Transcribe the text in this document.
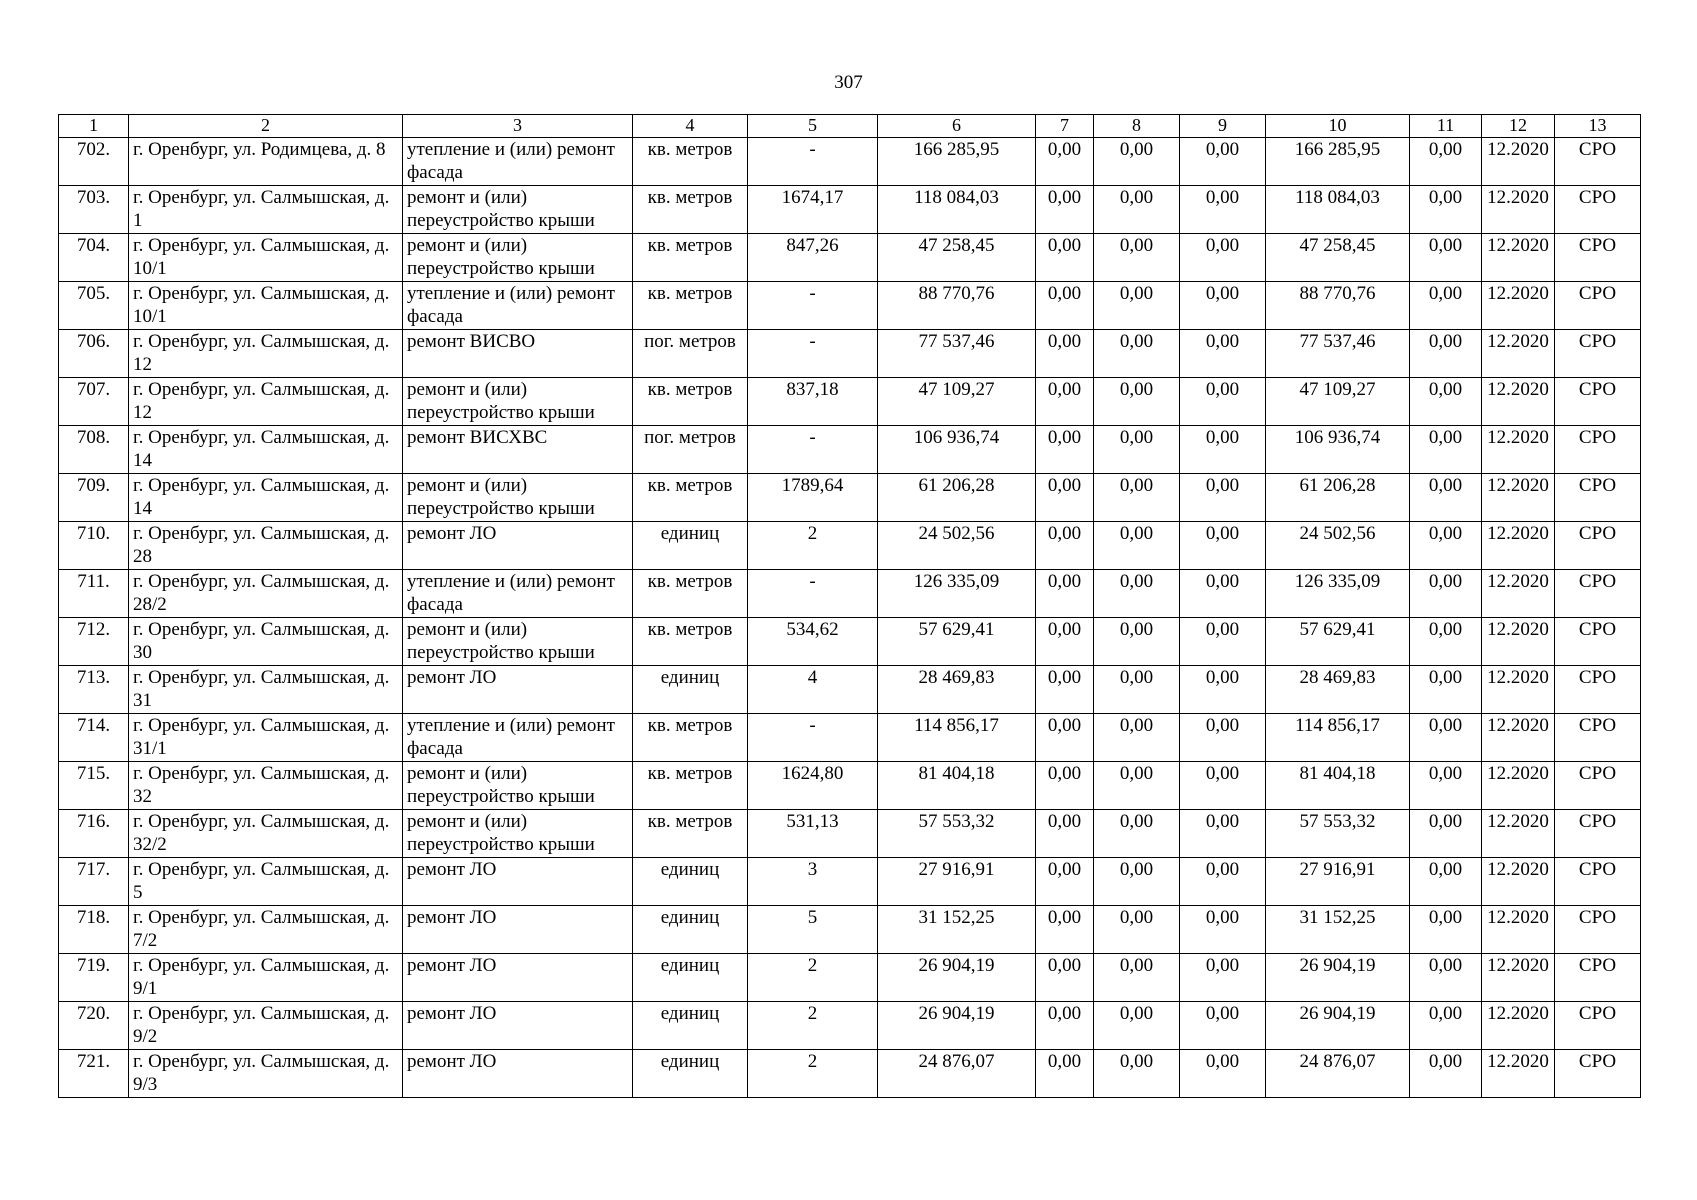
307
1	2	3	4	5	6	7	8	9	10	11	12	13
702.	г. Оренбург, ул. Родимцева, д. 8	утепление и (или) ремонт фасада	кв. метров	-	166 285,95	0,00	0,00	0,00	166 285,95	0,00	12.2020	СРО
703.	г. Оренбург, ул. Салмышская, д. 1	ремонт и (или) переустройство крыши	кв. метров	1674,17	118 084,03	0,00	0,00	0,00	118 084,03	0,00	12.2020	СРО
704.	г. Оренбург, ул. Салмышская, д. 10/1	ремонт и (или) переустройство крыши	кв. метров	847,26	47 258,45	0,00	0,00	0,00	47 258,45	0,00	12.2020	СРО
705.	г. Оренбург, ул. Салмышская, д. 10/1	утепление и (или) ремонт фасада	кв. метров	-	88 770,76	0,00	0,00	0,00	88 770,76	0,00	12.2020	СРО
706.	г. Оренбург, ул. Салмышская, д. 12	ремонт ВИСВО	пог. метров	-	77 537,46	0,00	0,00	0,00	77 537,46	0,00	12.2020	СРО
707.	г. Оренбург, ул. Салмышская, д. 12	ремонт и (или) переустройство крыши	кв. метров	837,18	47 109,27	0,00	0,00	0,00	47 109,27	0,00	12.2020	СРО
708.	г. Оренбург, ул. Салмышская, д. 14	ремонт ВИСХВС	пог. метров	-	106 936,74	0,00	0,00	0,00	106 936,74	0,00	12.2020	СРО
709.	г. Оренбург, ул. Салмышская, д. 14	ремонт и (или) переустройство крыши	кв. метров	1789,64	61 206,28	0,00	0,00	0,00	61 206,28	0,00	12.2020	СРО
710.	г. Оренбург, ул. Салмышская, д. 28	ремонт ЛО	единиц	2	24 502,56	0,00	0,00	0,00	24 502,56	0,00	12.2020	СРО
711.	г. Оренбург, ул. Салмышская, д. 28/2	утепление и (или) ремонт фасада	кв. метров	-	126 335,09	0,00	0,00	0,00	126 335,09	0,00	12.2020	СРО
712.	г. Оренбург, ул. Салмышская, д. 30	ремонт и (или) переустройство крыши	кв. метров	534,62	57 629,41	0,00	0,00	0,00	57 629,41	0,00	12.2020	СРО
713.	г. Оренбург, ул. Салмышская, д. 31	ремонт ЛО	единиц	4	28 469,83	0,00	0,00	0,00	28 469,83	0,00	12.2020	СРО
714.	г. Оренбург, ул. Салмышская, д. 31/1	утепление и (или) ремонт фасада	кв. метров	-	114 856,17	0,00	0,00	0,00	114 856,17	0,00	12.2020	СРО
715.	г. Оренбург, ул. Салмышская, д. 32	ремонт и (или) переустройство крыши	кв. метров	1624,80	81 404,18	0,00	0,00	0,00	81 404,18	0,00	12.2020	СРО
716.	г. Оренбург, ул. Салмышская, д. 32/2	ремонт и (или) переустройство крыши	кв. метров	531,13	57 553,32	0,00	0,00	0,00	57 553,32	0,00	12.2020	СРО
717.	г. Оренбург, ул. Салмышская, д. 5	ремонт ЛО	единиц	3	27 916,91	0,00	0,00	0,00	27 916,91	0,00	12.2020	СРО
718.	г. Оренбург, ул. Салмышская, д. 7/2	ремонт ЛО	единиц	5	31 152,25	0,00	0,00	0,00	31 152,25	0,00	12.2020	СРО
719.	г. Оренбург, ул. Салмышская, д. 9/1	ремонт ЛО	единиц	2	26 904,19	0,00	0,00	0,00	26 904,19	0,00	12.2020	СРО
720.	г. Оренбург, ул. Салмышская, д. 9/2	ремонт ЛО	единиц	2	26 904,19	0,00	0,00	0,00	26 904,19	0,00	12.2020	СРО
721.	г. Оренбург, ул. Салмышская, д. 9/3	ремонт ЛО	единиц	2	24 876,07	0,00	0,00	0,00	24 876,07	0,00	12.2020	СРО
